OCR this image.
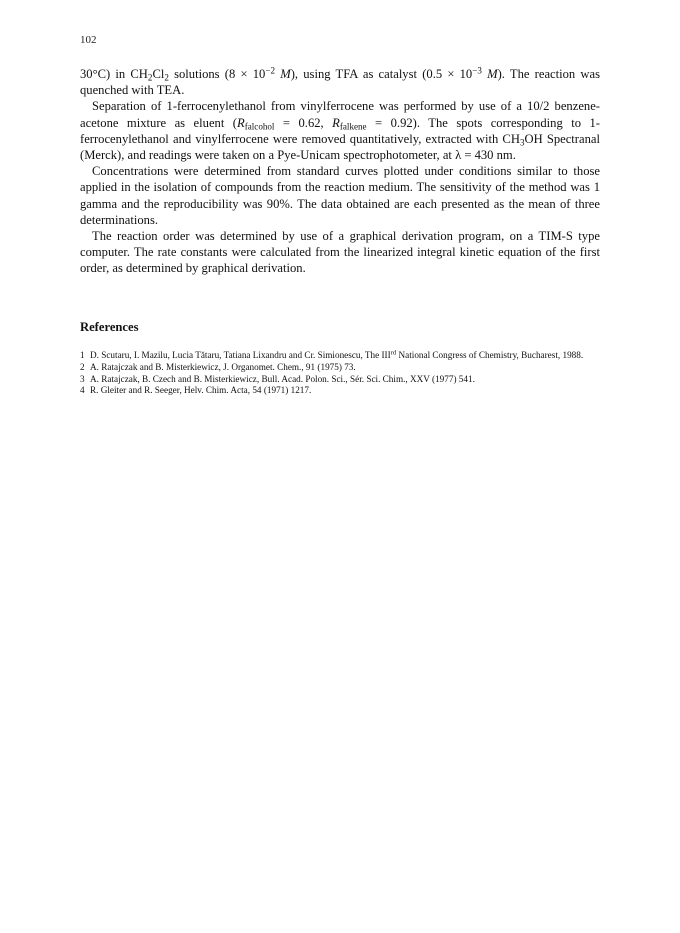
102

30°C) in $CH_2Cl_2$ solutions ($8 \times 10^{-2}$ M), using TFA as catalyst ($0.5 \times 10^{-3}$ M). The reaction was quenched with TEA.

Separation of 1-ferrocenylethanol from vinylferrocene was performed by use of a 10/2 benzene-acetone mixture as eluent ($R_{falcohol} = 0.62$, $R_{falkene} = 0.92$). The spots corresponding to 1-ferrocenylethanol and vinylferrocene were removed quantitatively, extracted with $CH_3OH$ Spectranal (Merck), and readings were taken on a Pye-Unicam spectrophotometer, at λ = 430 nm.

Concentrations were determined from standard curves plotted under conditions similar to those applied in the isolation of compounds from the reaction medium. The sensitivity of the method was 1 gamma and the reproducibility was 90%. The data obtained are each presented as the mean of three determinations.

The reaction order was determined by use of a graphical derivation program, on a TIM-S type computer. The rate constants were calculated from the linearized integral kinetic equation of the first order, as determined by graphical derivation.

References
1 D. Scutaru, I. Mazilu, Lucia Tătaru, Tatiana Lixandru and Cr. Simionescu, The IIIrd National Congress of Chemistry, Bucharest, 1988.
2 A. Ratajczak and B. Misterkiewicz, J. Organomet. Chem., 91 (1975) 73.
3 A. Ratajczak, B. Czech and B. Misterkiewicz, Bull. Acad. Polon. Sci., Sér. Sci. Chim., XXV (1977) 541.
4 R. Gleiter and R. Seeger, Helv. Chim. Acta, 54 (1971) 1217.
